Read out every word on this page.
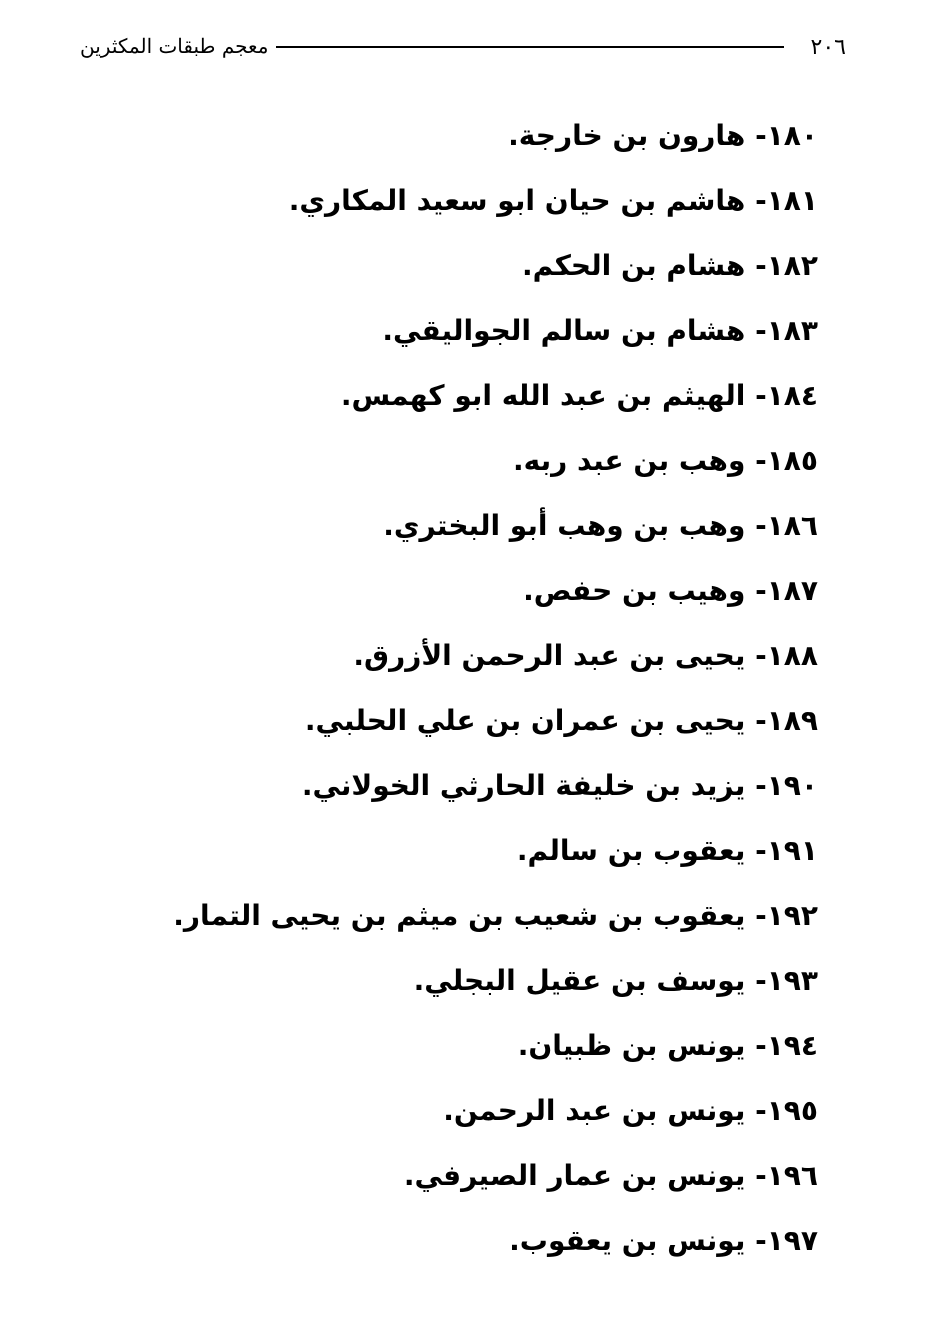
٢٠٦
معجم طبقات المكثرين
١٨٠- هارون بن خارجة.
١٨١- هاشم بن حيان ابو سعيد المكاري.
١٨٢- هشام بن الحكم.
١٨٣- هشام بن سالم الجواليقي.
١٨٤- الهيثم بن عبد الله ابو كهمس.
١٨٥- وهب بن عبد ربه.
١٨٦- وهب بن وهب أبو البختري.
١٨٧- وهيب بن حفص.
١٨٨- يحيى بن عبد الرحمن الأزرق.
١٨٩- يحيى بن عمران بن علي الحلبي.
١٩٠- يزيد بن خليفة الحارثي الخولاني.
١٩١- يعقوب بن سالم.
١٩٢- يعقوب بن شعيب بن ميثم بن يحيى التمار.
١٩٣- يوسف بن عقيل البجلي.
١٩٤- يونس بن ظبيان.
١٩٥- يونس بن عبد الرحمن.
١٩٦- يونس بن عمار الصيرفي.
١٩٧- يونس بن يعقوب.
